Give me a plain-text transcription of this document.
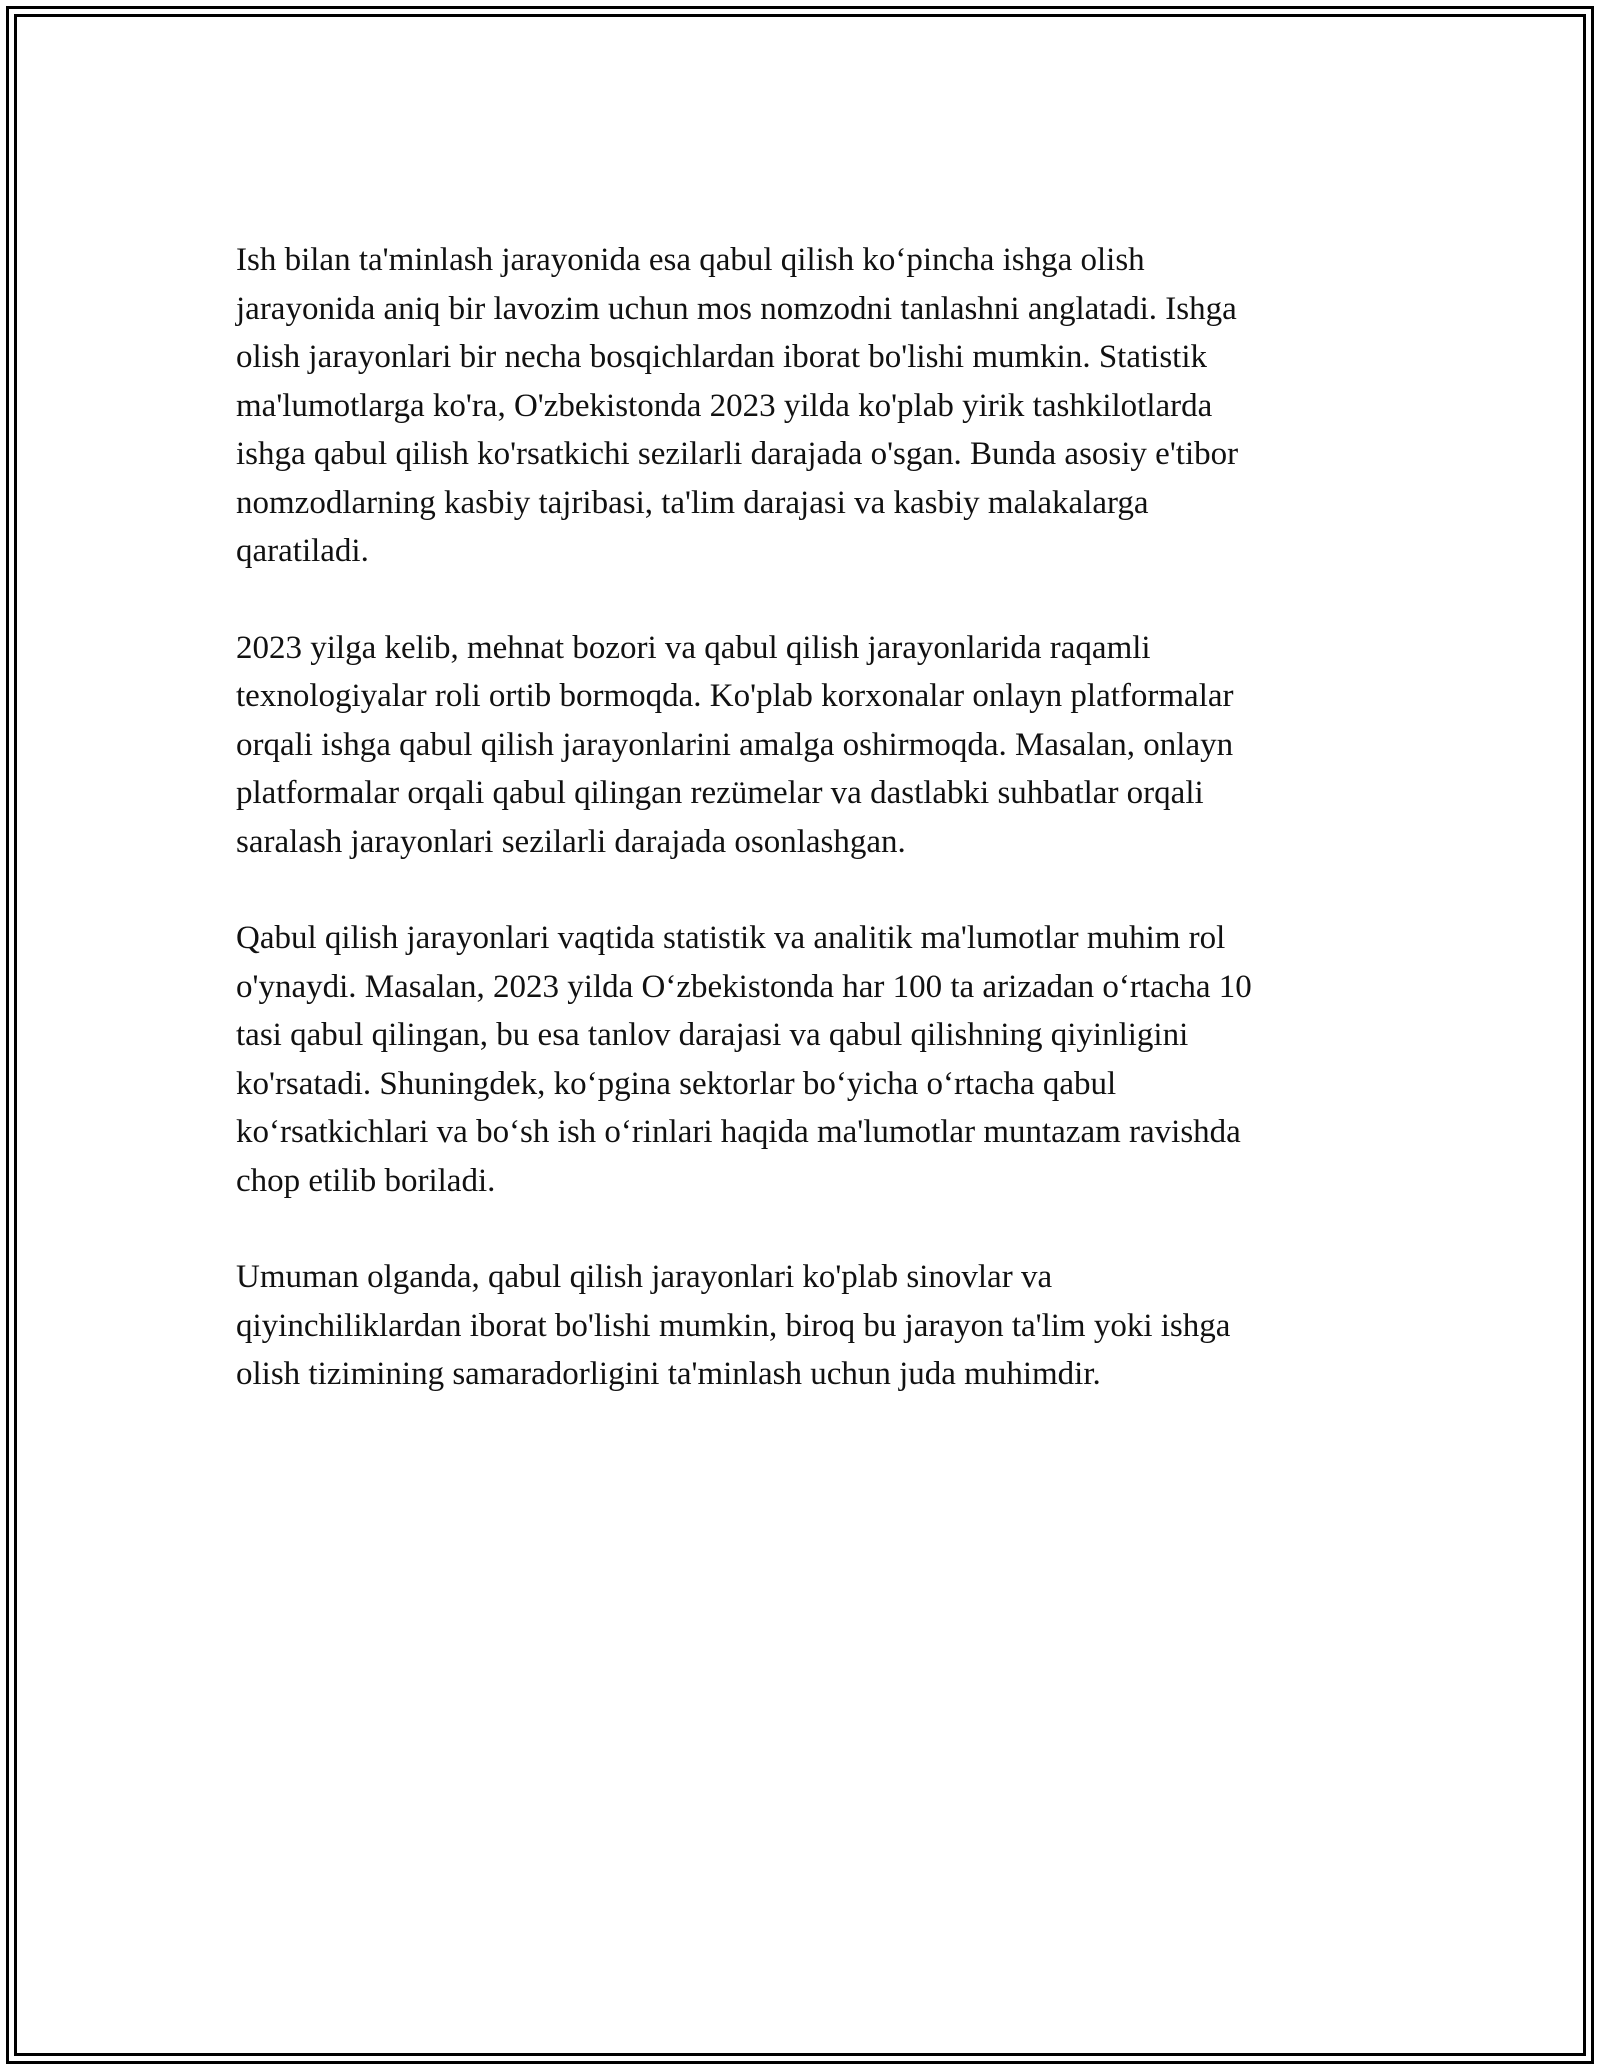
Ish bilan ta'minlash jarayonida esa qabul qilish ko‘pincha ishga olish
jarayonida aniq bir lavozim uchun mos nomzodni tanlashni anglatadi. Ishga
olish jarayonlari bir necha bosqichlardan iborat bo'lishi mumkin. Statistik
ma'lumotlarga ko'ra, O'zbekistonda 2023 yilda ko'plab yirik tashkilotlarda
ishga qabul qilish ko'rsatkichi sezilarli darajada o'sgan. Bunda asosiy e'tibor
nomzodlarning kasbiy tajribasi, ta'lim darajasi va kasbiy malakalarga
qaratiladi.

2023 yilga kelib, mehnat bozori va qabul qilish jarayonlarida raqamli
texnologiyalar roli ortib bormoqda. Ko'plab korxonalar onlayn platformalar
orqali ishga qabul qilish jarayonlarini amalga oshirmoqda. Masalan, onlayn
platformalar orqali qabul qilingan rezümelar va dastlabki suhbatlar orqali
saralash jarayonlari sezilarli darajada osonlashgan.

Qabul qilish jarayonlari vaqtida statistik va analitik ma'lumotlar muhim rol
o'ynaydi. Masalan, 2023 yilda O‘zbekistonda har 100 ta arizadan o‘rtacha 10
tasi qabul qilingan, bu esa tanlov darajasi va qabul qilishning qiyinligini
ko'rsatadi. Shuningdek, ko‘pgina sektorlar bo‘yicha o‘rtacha qabul
ko‘rsatkichlari va bo‘sh ish o‘rinlari haqida ma'lumotlar muntazam ravishda
chop etilib boriladi.

Umuman olganda, qabul qilish jarayonlari ko'plab sinovlar va
qiyinchiliklardan iborat bo'lishi mumkin, biroq bu jarayon ta'lim yoki ishga
olish tizimining samaradorligini ta'minlash uchun juda muhimdir.
